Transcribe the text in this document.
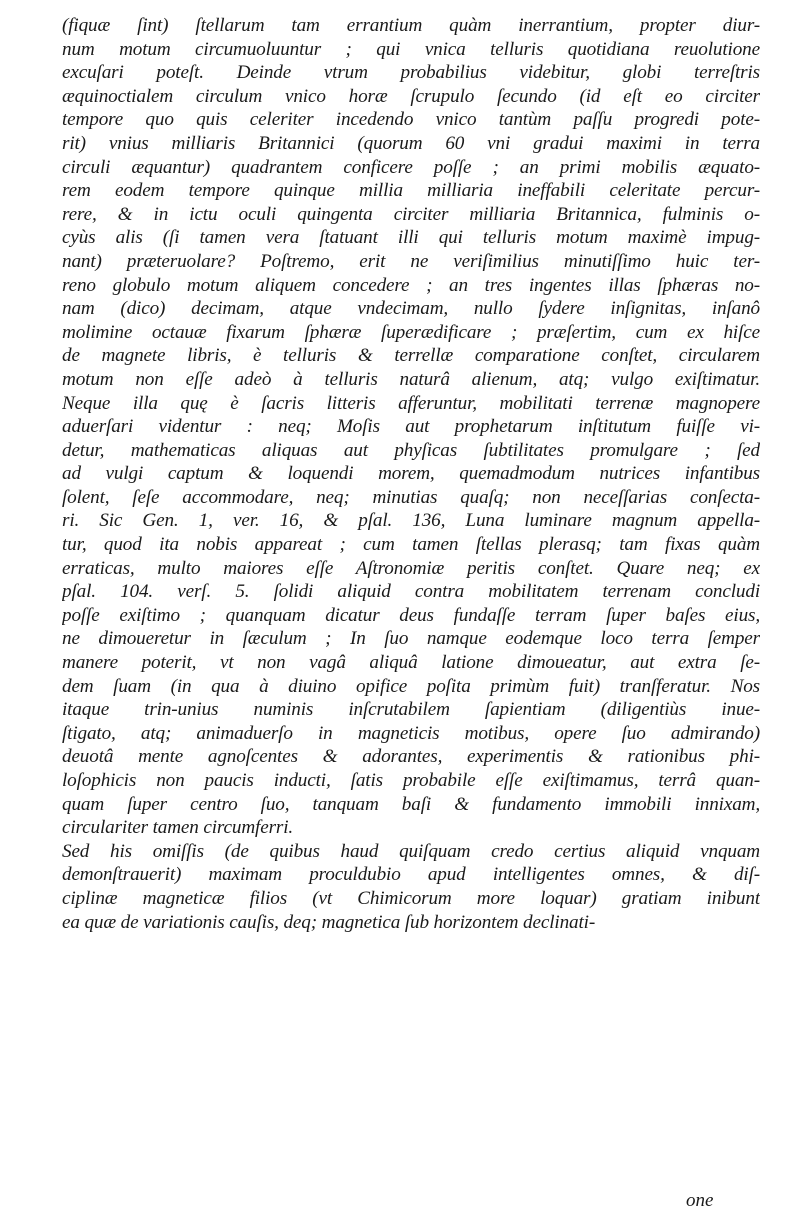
(fiquæ ſint) ſtellarum tam errantium quàm inerrantium, propter diur-
num motum circumuoluuntur ; qui vnica telluris quotidiana reuolutione
excuſari poteſt. Deinde vtrum probabilius videbitur, globi terreſtris
æquinoctialem circulum vnico horæ ſcrupulo ſecundo (id eſt eo circiter
tempore quo quis celeriter incedendo vnico tantùm paſſu progredi pote-
rit) vnius milliaris Britannici (quorum 60 vni gradui maximi in terra
circuli æquantur) quadrantem conficere poſſe ; an primi mobilis æquato-
rem eodem tempore quinque millia milliaria ineffabili celeritate percur-
rere, & in ictu oculi quingenta circiter milliaria Britannica, fulminis o-
cyùs alis (ſi tamen vera ſtatuant illi qui telluris motum maximè impug-
nant) præteruolare? Poſtremo, erit ne veriſimilius minutiſſimo huic ter-
reno globulo motum aliquem concedere ; an tres ingentes illas ſphæras no-
nam (dico) decimam, atque vndecimam, nullo ſydere inſignitas, inſanô
molimine octauæ fixarum ſphæræ ſuperædificare ; præſertim, cum ex hiſce
de magnete libris, è telluris & terrellæ comparatione conſtet, circularem
motum non eſſe adeò à telluris naturâ alienum, atq; vulgo exiſtimatur.
Neque illa quę è ſacris litteris afferuntur, mobilitati terrenæ magnopere
aduerſari videntur : neq; Moſis aut prophetarum inſtitutum fuiſſe vi-
detur, mathematicas aliquas aut phyſicas ſubtilitates promulgare ; ſed
ad vulgi captum & loquendi morem, quemadmodum nutrices infantibus
ſolent, ſeſe accommodare, neq; minutias quaſq; non neceſſarias conſecta-
ri. Sic Gen. 1, ver. 16, & pſal. 136, Luna luminare magnum appella-
tur, quod ita nobis appareat ; cum tamen ſtellas plerasq; tam fixas quàm
erraticas, multo maiores eſſe Aſtronomiæ peritis conſtet. Quare neq; ex
pſal. 104. verſ. 5. ſolidi aliquid contra mobilitatem terrenam concludi
poſſe exiſtimo ; quanquam dicatur deus fundaſſe terram ſuper baſes eius,
ne dimoueretur in ſæculum ; In ſuo namque eodemque loco terra ſemper
manere poterit, vt non vagâ aliquâ latione dimoueatur, aut extra ſe-
dem ſuam (in qua à diuino opifice poſita primùm fuit) tranſferatur. Nos
itaque trin-unius numinis inſcrutabilem ſapientiam (diligentiùs inue-
ſtigato, atq; animaduerſo in magneticis motibus, opere ſuo admirando)
deuotâ mente agnoſcentes & adorantes, experimentis & rationibus phi-
loſophicis non paucis inducti, ſatis probabile eſſe exiſtimamus, terrâ quan-
quam ſuper centro ſuo, tanquam baſi & fundamento immobili innixam,
circulariter tamen circumferri.
Sed his omiſſis (de quibus haud quiſquam credo certius aliquid vnquam
demonſtrauerit) maximam proculdubio apud intelligentes omnes, & diſ-
ciplinæ magneticæ filios (vt Chimicorum more loquar) gratiam inibunt
ea quæ de variationis cauſis, deq; magnetica ſub horizontem declinati-
one
